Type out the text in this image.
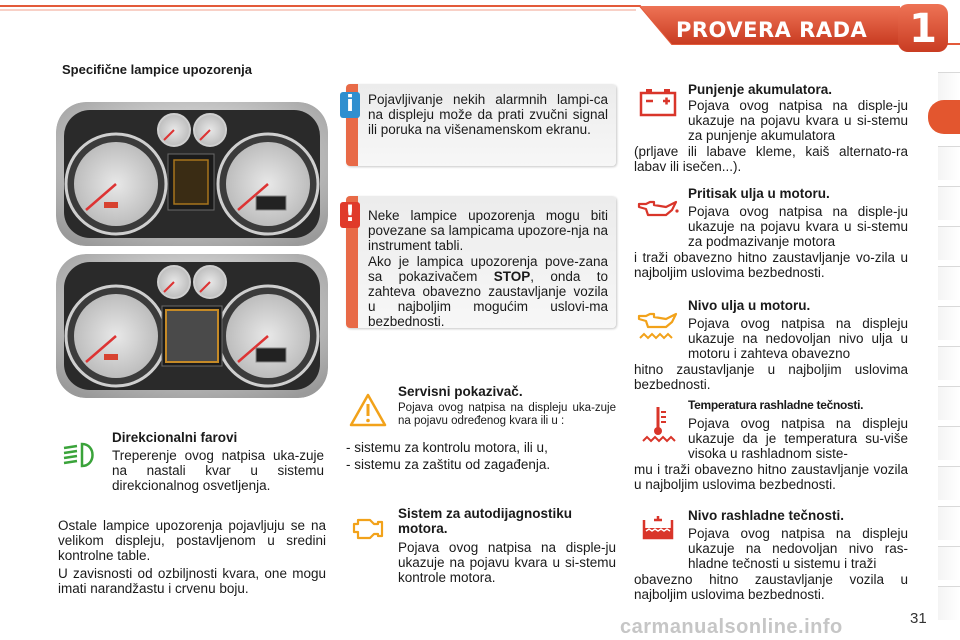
PROVERA RADA 1
Specifične lampice upozorenja
Pojavljivanje nekih alarmnih lampi-ca na displeju može da prati zvučni signal ili poruka na višenamenskom ekranu.
i
Neke lampice upozorenja mogu biti povezane sa lampicama upozore-nja na instrument tabli.
Ako je lampica upozorenja pove-zana sa pokazivačem STOP, onda to zahteva obavezno zaustavljanje vozila u najboljim mogućim uslovi-ma bezbednosti.
!
Direkcionalni farovi
Treperenje ovog natpisa uka-zuje na nastali kvar u sistemu direkcionalnog osvetljenja.
Ostale lampice upozorenja pojavljuju se na velikom displeju, postavljenom u sredini kontrolne table.
U zavisnosti od ozbiljnosti kvara, one mogu imati narandžastu i crvenu boju.
Servisni pokazivač.
Pojava ovog natpisa na displeju uka-zuje na pojavu određenog kvara ili u :
- sistemu za kontrolu motora, ili u,
- sistemu za zaštitu od zagađenja.
Sistem za autodijagnostiku motora.
Pojava ovog natpisa na disple-ju ukazuje na pojavu kvara u si-stemu kontrole motora.
Punjenje akumulatora.
Pojava ovog natpisa na disple-ju ukazuje na pojavu kvara u si-stemu za punjenje akumulatora
(prljave ili labave kleme, kaiš alternato-ra labav ili isečen...).
Pritisak ulja u motoru.
Pojava ovog natpisa na disple-ju ukazuje na pojavu kvara u si-stemu za podmazivanje motora
i traži obavezno hitno zaustavljanje vo-zila u najboljim uslovima bezbednosti.
Nivo ulja u motoru.
Pojava ovog natpisa na displeju ukazuje na nedovoljan nivo ulja u motoru i zahteva obavezno
hitno zaustavljanje u najboljim uslovima bezbednosti.
Temperatura rashladne tečnosti.
Pojava ovog natpisa na displeju ukazuje da je temperatura su-više visoka u rashladnom siste-
mu i traži obavezno hitno zaustavljanje vozila u najboljim uslovima bezbednosti.
Nivo rashladne tečnosti.
Pojava ovog natpisa na displeju ukazuje na nedovoljan nivo ras-hladne tečnosti u sistemu i traži
obavezno hitno zaustavljanje vozila u najboljim uslovima bezbednosti.
carmanualsonline.info	31
